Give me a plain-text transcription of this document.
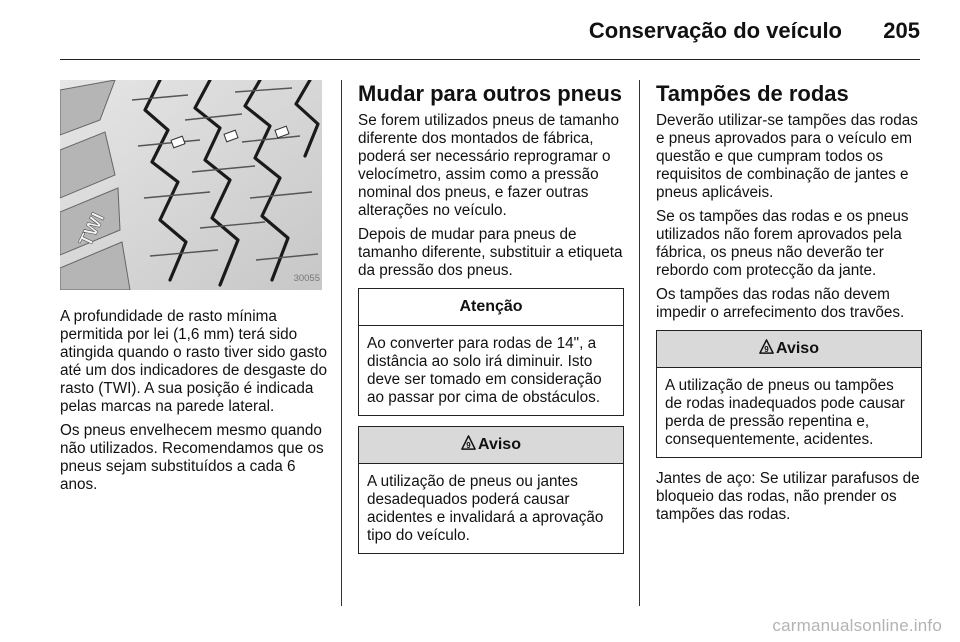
Conservação do veículo 205
TWI
30055

A profundidade de rasto mínima permitida por lei (1,6 mm) terá sido atingida quando o rasto tiver sido gasto até um dos indicadores de desgaste do rasto (TWI). A sua posição é indicada pelas marcas na parede lateral.

Os pneus envelhecem mesmo quando não utilizados. Recomendamos que os pneus sejam substituídos a cada 6 anos.

Mudar para outros pneus

Se forem utilizados pneus de tamanho diferente dos montados de fábrica, poderá ser necessário reprogramar o velocímetro, assim como a pressão nominal dos pneus, e fazer outras alterações no veículo.

Depois de mudar para pneus de tamanho diferente, substituir a etiqueta da pressão dos pneus.

Atenção

Ao converter para rodas de 14", a distância ao solo irá diminuir. Isto deve ser tomado em consideração ao passar por cima de obstáculos.

9 Aviso

A utilização de pneus ou jantes desadequados poderá causar acidentes e invalidará a aprovação tipo do veículo.

Tampões de rodas

Deverão utilizar-se tampões das rodas e pneus aprovados para o veículo em questão e que cumpram todos os requisitos de combinação de jantes e pneus aplicáveis.

Se os tampões das rodas e os pneus utilizados não forem aprovados pela fábrica, os pneus não deverão ter rebordo com protecção da jante.

Os tampões das rodas não devem impedir o arrefecimento dos travões.

9 Aviso

A utilização de pneus ou tampões de rodas inadequados pode causar perda de pressão repentina e, consequentemente, acidentes.

Jantes de aço: Se utilizar parafusos de bloqueio das rodas, não prender os tampões das rodas.

carmanualsonline.info
